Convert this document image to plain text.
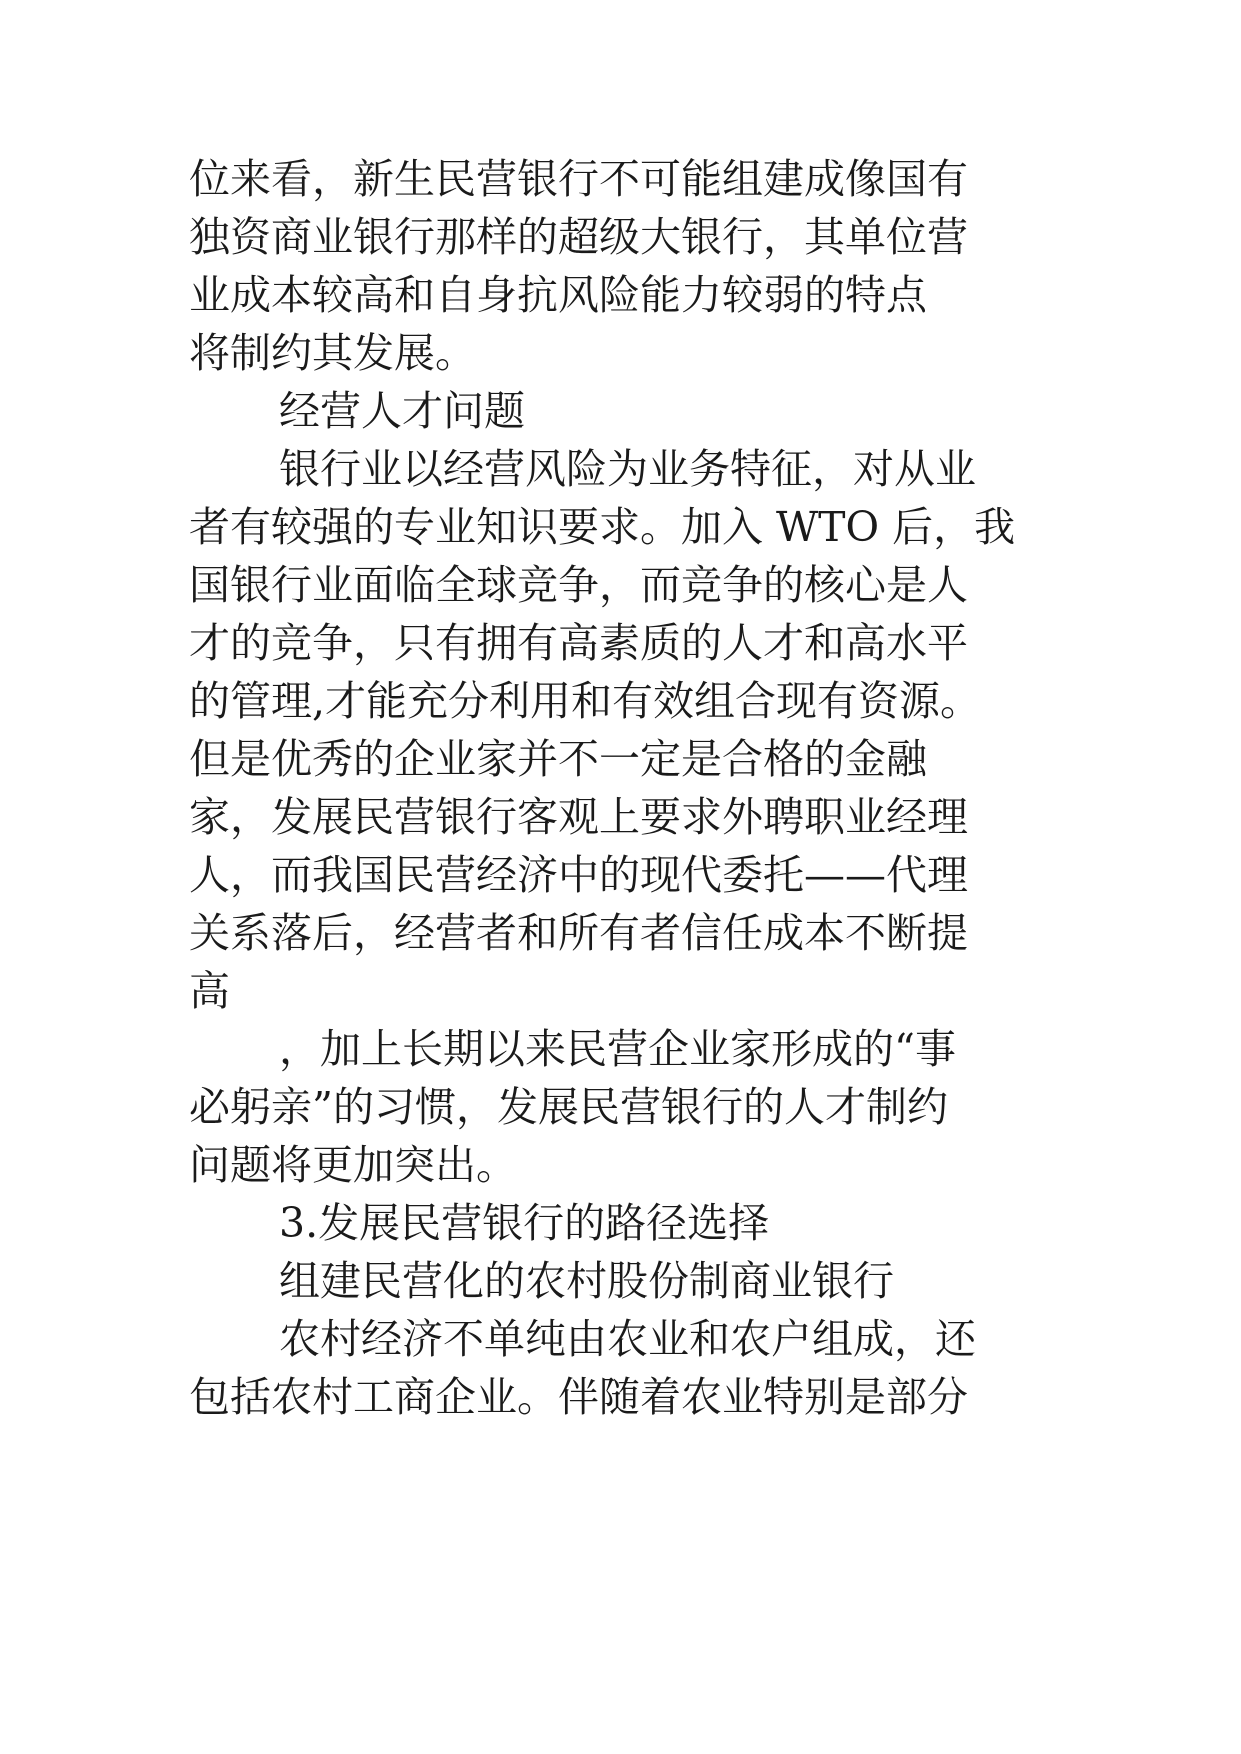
位来看，新生民营银行不可能组建成像国有
独资商业银行那样的超级大银行，其单位营
业成本较高和自身抗风险能力较弱的特点
将制约其发展。
经营人才问题
银行业以经营风险为业务特征，对从业
者有较强的专业知识要求。加入 WTO 后，我
国银行业面临全球竞争，而竞争的核心是人
才的竞争，只有拥有高素质的人才和高水平
的管理,才能充分利用和有效组合现有资源。
但是优秀的企业家并不一定是合格的金融
家，发展民营银行客观上要求外聘职业经理
人，而我国民营经济中的现代委托——代理
关系落后，经营者和所有者信任成本不断提
高
，加上长期以来民营企业家形成的“事
必躬亲”的习惯，发展民营银行的人才制约
问题将更加突出。
3.发展民营银行的路径选择
组建民营化的农村股份制商业银行
农村经济不单纯由农业和农户组成，还
包括农村工商企业。伴随着农业特别是部分
